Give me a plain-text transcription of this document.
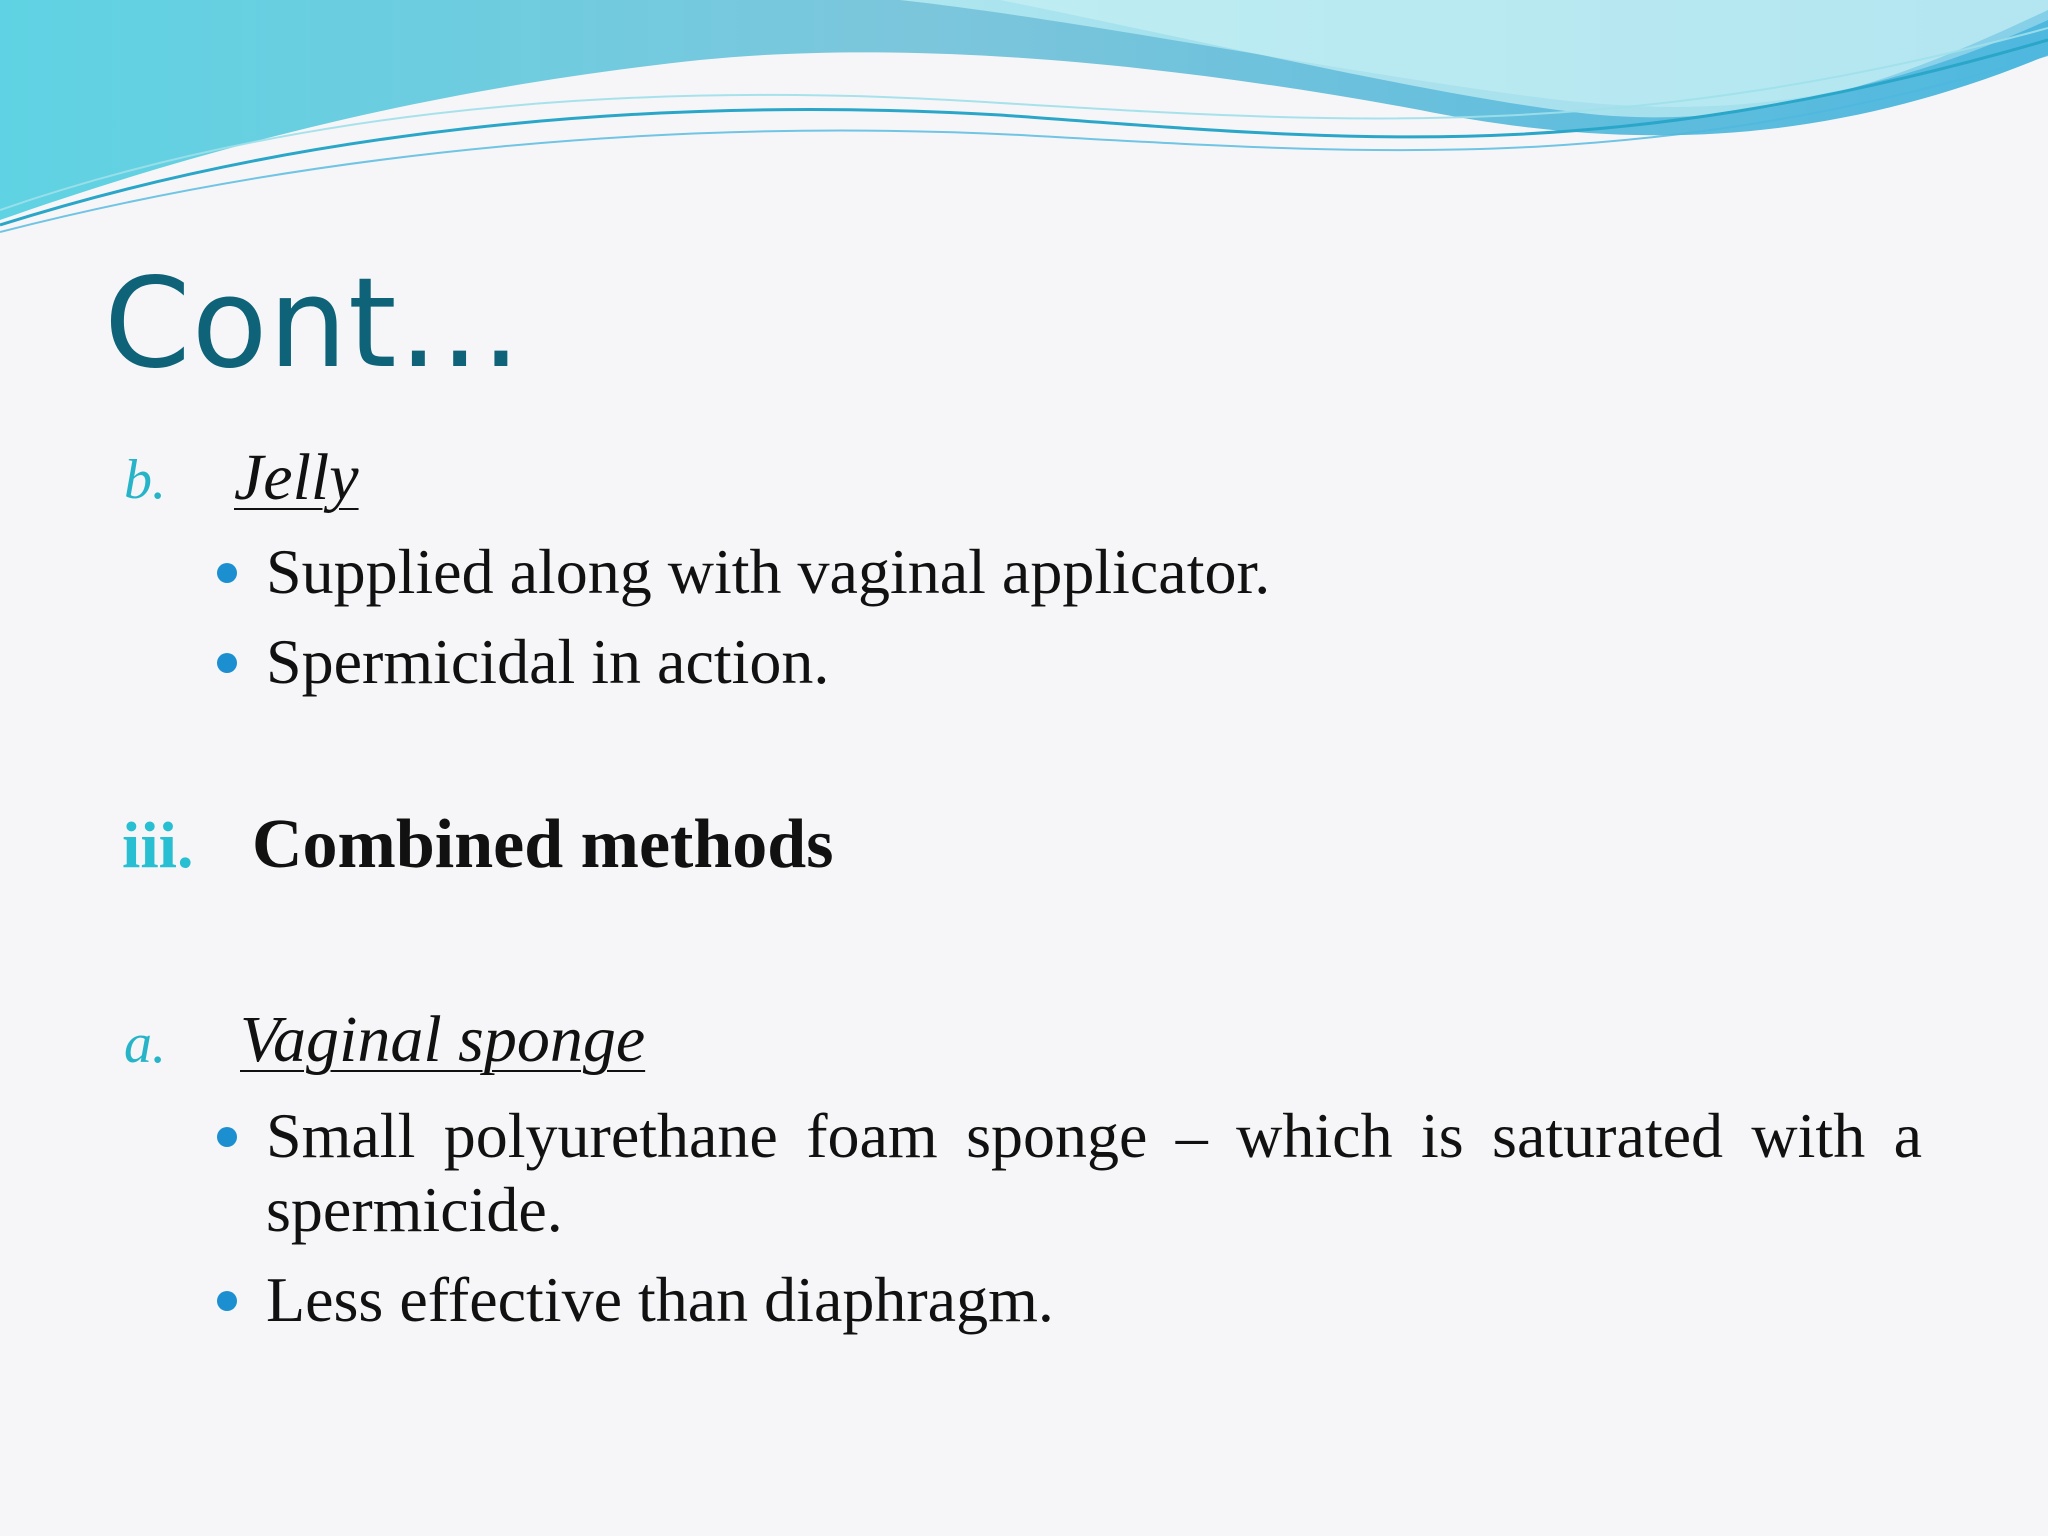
Cont…
b. Jelly
Supplied along with vaginal applicator.
Spermicidal in action.
iii. Combined methods
a. Vaginal sponge
Small polyurethane foam sponge – which is saturated with a spermicide.
Less effective than diaphragm.
